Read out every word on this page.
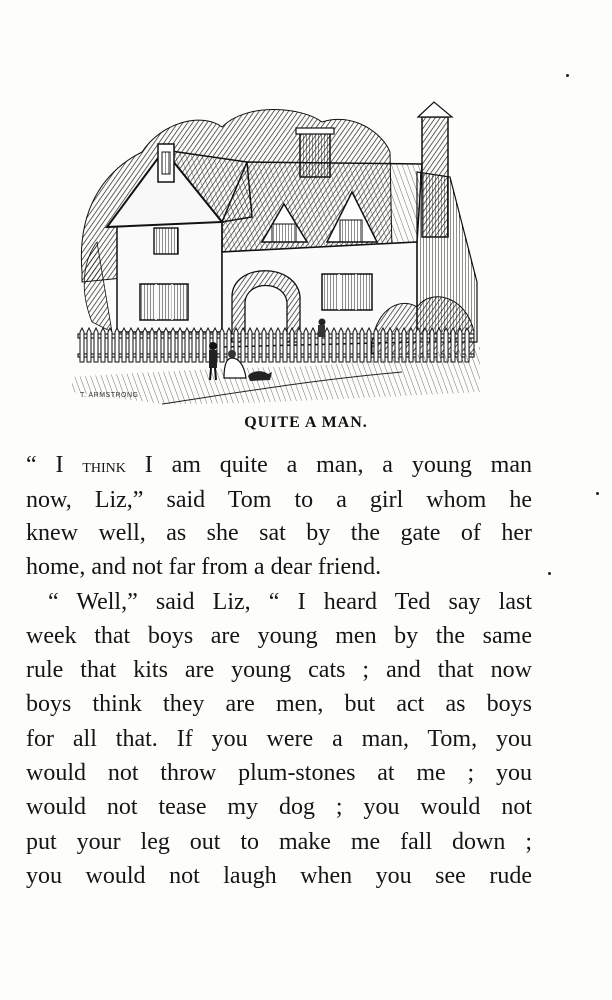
T. ARMSTRONG
QUITE A MAN.
“ I think I am quite a man, a young man
now, Liz,” said Tom to a girl whom he
knew well, as she sat by the gate of her
home, and not far from a dear friend.
“ Well,” said Liz, “ I heard Ted say last
week that boys are young men by the same
rule that kits are young cats ; and that now
boys think they are men, but act as boys
for all that. If you were a man, Tom, you
would not throw plum-stones at me ; you
would not tease my dog ; you would not
put your leg out to make me fall down ;
you would not laugh when you see rude
